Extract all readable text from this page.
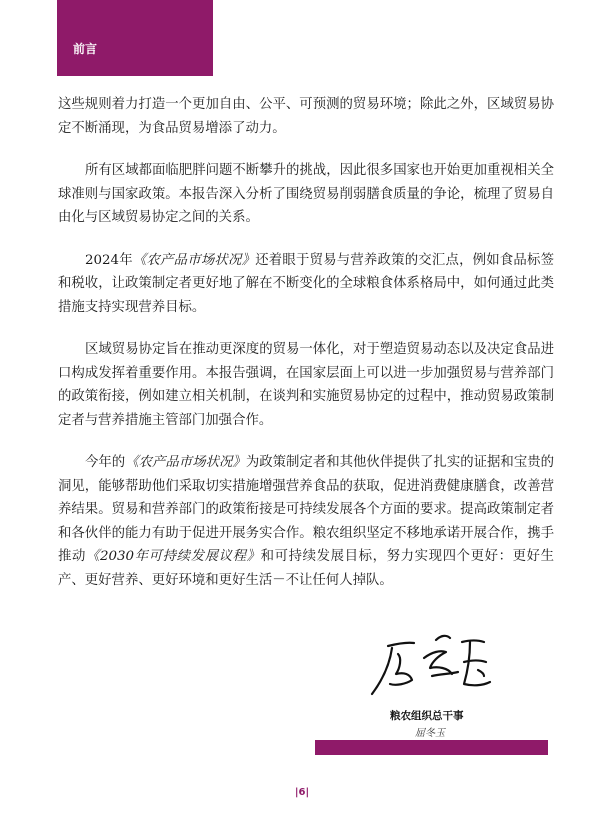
前言

这些规则着力打造一个更加自由、公平、可预测的贸易环境；除此之外，区域贸易协定不断涌现，为食品贸易增添了动力。

所有区域都面临肥胖问题不断攀升的挑战，因此很多国家也开始更加重视相关全球准则与国家政策。本报告深入分析了围绕贸易削弱膳食质量的争论，梳理了贸易自由化与区域贸易协定之间的关系。

2024年《农产品市场状况》还着眼于贸易与营养政策的交汇点，例如食品标签和税收，让政策制定者更好地了解在不断变化的全球粮食体系格局中，如何通过此类措施支持实现营养目标。

区域贸易协定旨在推动更深度的贸易一体化，对于塑造贸易动态以及决定食品进口构成发挥着重要作用。本报告强调，在国家层面上可以进一步加强贸易与营养部门的政策衔接，例如建立相关机制，在谈判和实施贸易协定的过程中，推动贸易政策制定者与营养措施主管部门加强合作。

今年的《农产品市场状况》为政策制定者和其他伙伴提供了扎实的证据和宝贵的洞见，能够帮助他们采取切实措施增强营养食品的获取，促进消费健康膳食，改善营养结果。贸易和营养部门的政策衔接是可持续发展各个方面的要求。提高政策制定者和各伙伴的能力有助于促进开展务实合作。粮农组织坚定不移地承诺开展合作，携手推动《2030年可持续发展议程》和可持续发展目标，努力实现四个更好：更好生产、更好营养、更好环境和更好生活－不让任何人掉队。

粮农组织总干事
屈冬玉
|6|
